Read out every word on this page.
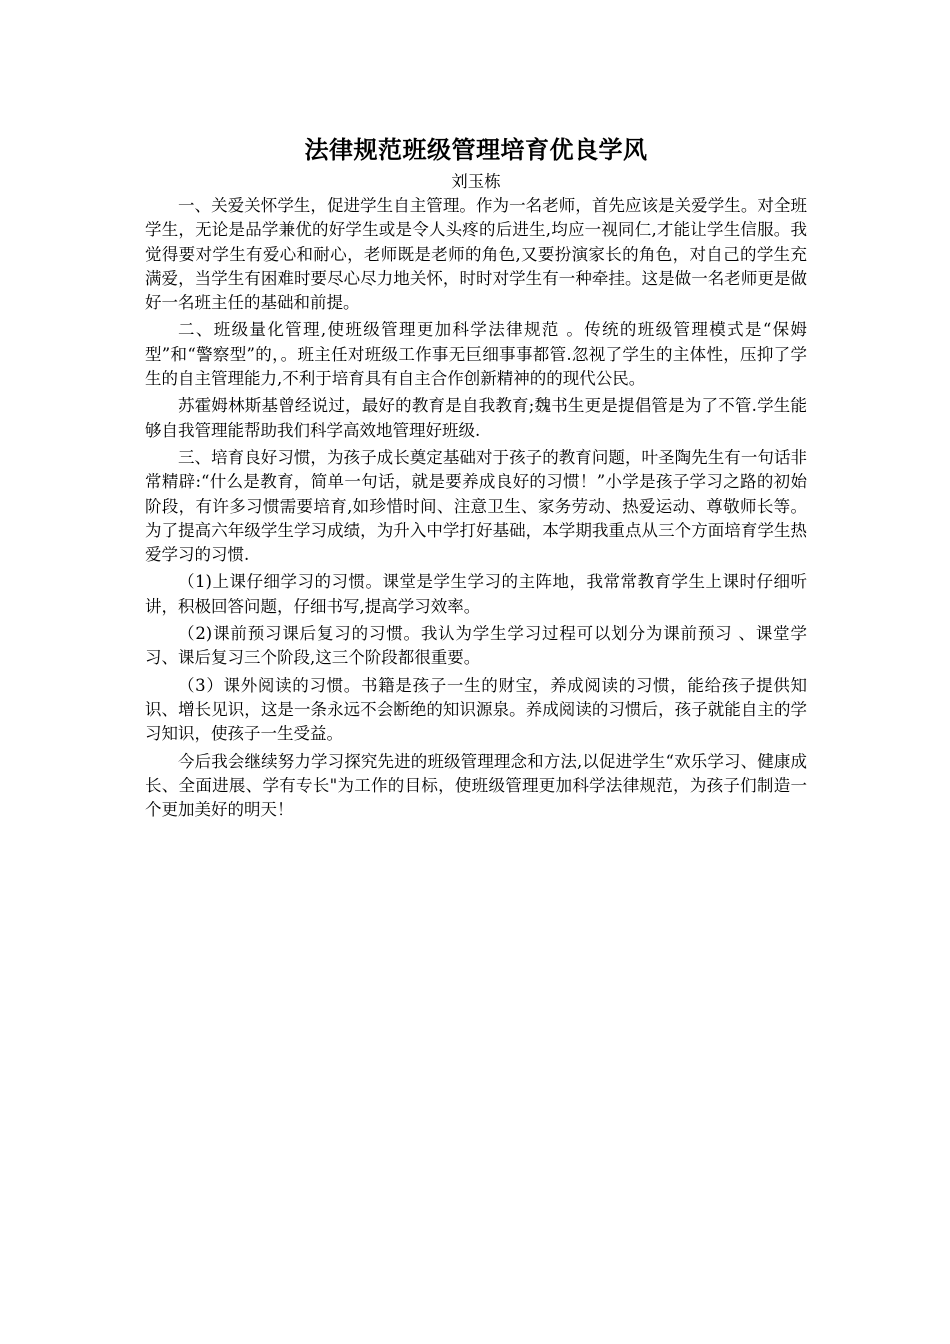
法律规范班级管理培育优良学风

刘玉栋

一、关爱关怀学生，促进学生自主管理。作为一名老师，首先应该是关爱学生。对全班学生，无论是品学兼优的好学生或是令人头疼的后进生,均应一视同仁,才能让学生信服。我觉得要对学生有爱心和耐心，老师既是老师的角色,又要扮演家长的角色，对自己的学生充满爱，当学生有困难时要尽心尽力地关怀，时时对学生有一种牵挂。这是做一名老师更是做好一名班主任的基础和前提。

二、班级量化管理,使班级管理更加科学法律规范 。传统的班级管理模式是“保姆型”和“警察型”的，。班主任对班级工作事无巨细事事都管.忽视了学生的主体性，压抑了学生的自主管理能力,不利于培育具有自主合作创新精神的的现代公民。

苏霍姆林斯基曾经说过，最好的教育是自我教育;魏书生更是提倡管是为了不管.学生能够自我管理能帮助我们科学高效地管理好班级.

三、培育良好习惯，为孩子成长奠定基础对于孩子的教育问题，叶圣陶先生有一句话非常精辟:“什么是教育，简单一句话，就是要养成良好的习惯！”小学是孩子学习之路的初始阶段，有许多习惯需要培育,如珍惜时间、注意卫生、家务劳动、热爱运动、尊敬师长等。为了提高六年级学生学习成绩，为升入中学打好基础，本学期我重点从三个方面培育学生热爱学习的习惯.

（1)上课仔细学习的习惯。课堂是学生学习的主阵地，我常常教育学生上课时仔细听讲，积极回答问题，仔细书写,提高学习效率。

（2)课前预习课后复习的习惯。我认为学生学习过程可以划分为课前预习 、课堂学习、课后复习三个阶段,这三个阶段都很重要。

（3）课外阅读的习惯。书籍是孩子一生的财宝，养成阅读的习惯，能给孩子提供知识、增长见识，这是一条永远不会断绝的知识源泉。养成阅读的习惯后，孩子就能自主的学习知识，使孩子一生受益。

今后我会继续努力学习探究先进的班级管理理念和方法,以促进学生“欢乐学习、健康成长、全面进展、学有专长"为工作的目标，使班级管理更加科学法律规范，为孩子们制造一个更加美好的明天！
